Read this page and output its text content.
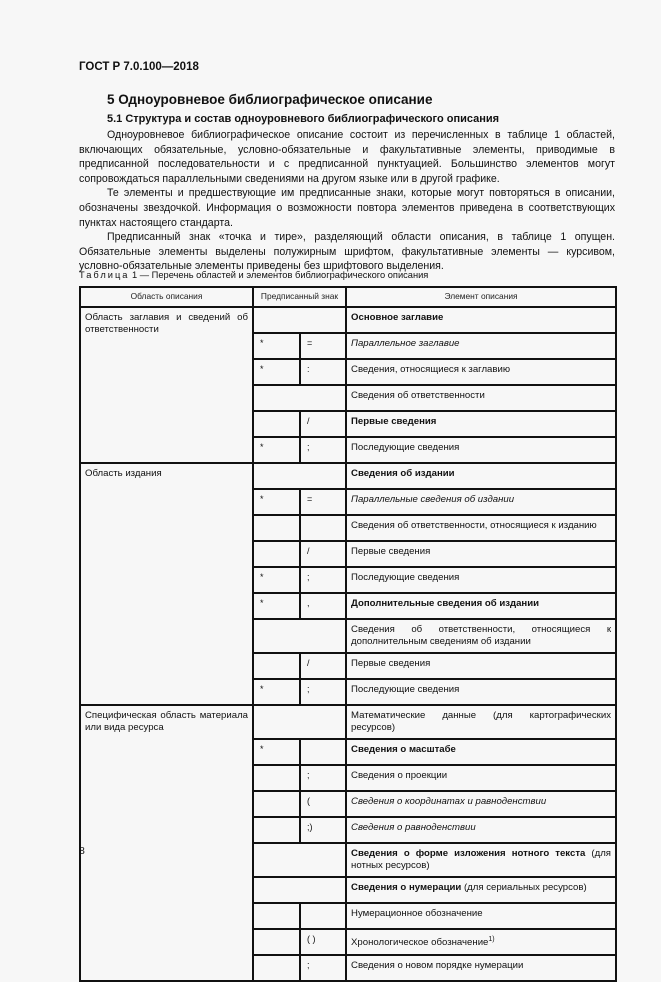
ГОСТ Р 7.0.100—2018
5 Одноуровневое библиографическое описание
5.1 Структура и состав одноуровневого библиографического описания

Одноуровневое библиографическое описание состоит из перечисленных в таблице 1 областей, включающих обязательные, условно-обязательные и факультативные элементы, приводимые в предписанной последовательности и с предписанной пунктуацией. Большинство элементов могут сопровождаться параллельными сведениями на другом языке или в другой графике.

Те элементы и предшествующие им предписанные знаки, которые могут повторяться в описании, обозначены звездочкой. Информация о возможности повтора элементов приведена в соответствующих пунктах настоящего стандарта.

Предписанный знак «точка и тире», разделяющий области описания, в таблице 1 опущен. Обязательные элементы выделены полужирным шрифтом, факультативные элементы — курсивом, условно-обязательные элементы приведены без шрифтового выделения.

Таблица 1 — Перечень областей и элементов библиографического описания
Область описания	Предписанный знак		Элемент описания
Область заглавия и сведений об ответственности			Основное заглавие
	*	=	Параллельное заглавие
	*	:	Сведения, относящиеся к заглавию
			Сведения об ответственности
		/	Первые сведения
	*	;	Последующие сведения
Область издания			Сведения об издании
	*	=	Параллельные сведения об издании
			Сведения об ответственности, относящиеся к изданию
		/	Первые сведения
	*	;	Последующие сведения
	*	,	Дополнительные сведения об издании
			Сведения об ответственности, относящиеся к дополнительным сведениям об издании
		/	Первые сведения
	*	;	Последующие сведения
Специфическая область материала или вида ресурса			Математические данные (для картографических ресурсов)
	*		Сведения о масштабе
		;	Сведения о проекции
		(	Сведения о координатах и равноденствии
		;)	Сведения о равноденствии
			Сведения о форме изложения нотного текста (для нотных ресурсов)
			Сведения о нумерации (для сериальных ресурсов)
			Нумерационное обозначение
		( )	Хронологическое обозначение$^{1)}$
		;	Сведения о новом порядке нумерации
8
